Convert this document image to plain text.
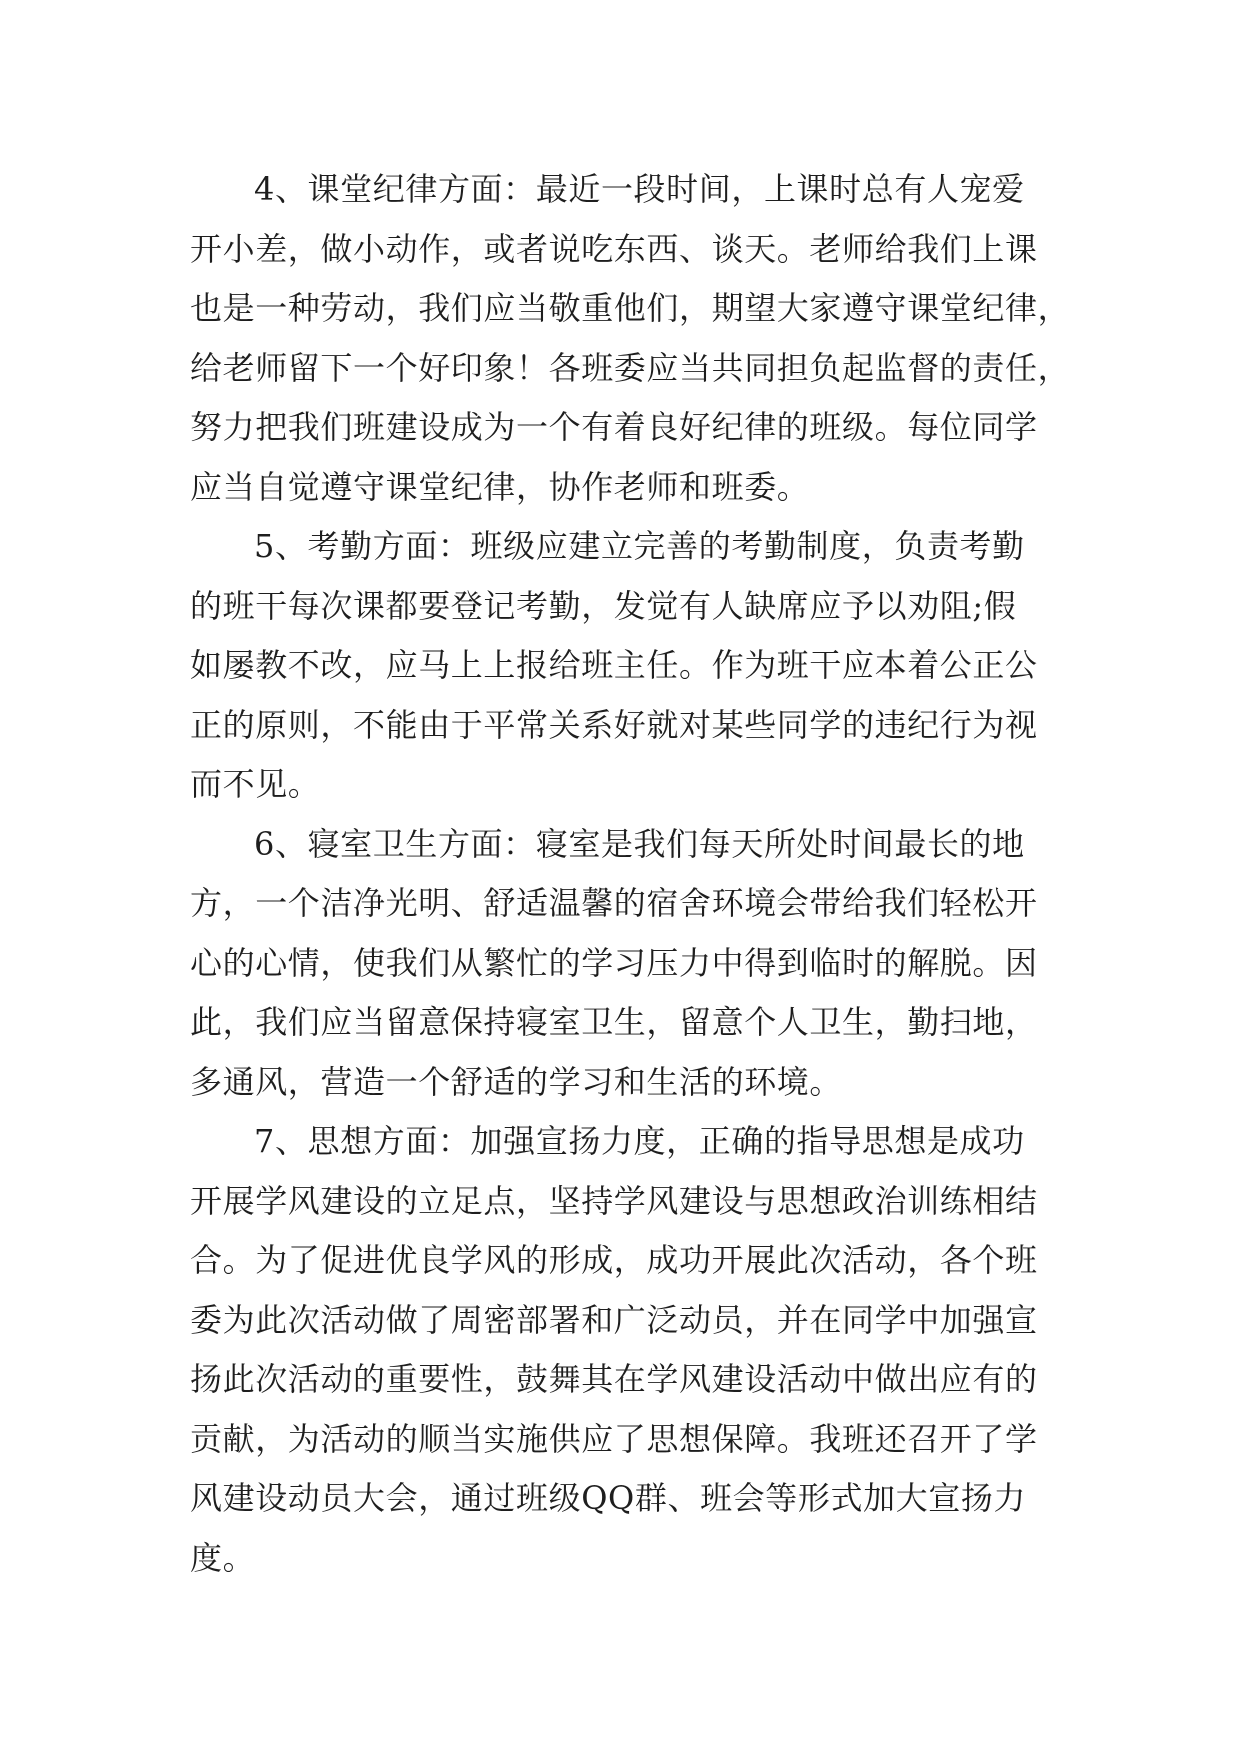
4、课堂纪律方面：最近一段时间，上课时总有人宠爱
开小差，做小动作，或者说吃东西、谈天。老师给我们上课
也是一种劳动，我们应当敬重他们，期望大家遵守课堂纪律，
给老师留下一个好印象！各班委应当共同担负起监督的责任，
努力把我们班建设成为一个有着良好纪律的班级。每位同学
应当自觉遵守课堂纪律，协作老师和班委。
5、考勤方面：班级应建立完善的考勤制度，负责考勤
的班干每次课都要登记考勤，发觉有人缺席应予以劝阻;假
如屡教不改，应马上上报给班主任。作为班干应本着公正公
正的原则，不能由于平常关系好就对某些同学的违纪行为视
而不见。
6、寝室卫生方面：寝室是我们每天所处时间最长的地
方，一个洁净光明、舒适温馨的宿舍环境会带给我们轻松开
心的心情，使我们从繁忙的学习压力中得到临时的解脱。因
此，我们应当留意保持寝室卫生，留意个人卫生，勤扫地，
多通风，营造一个舒适的学习和生活的环境。
7、思想方面：加强宣扬力度，正确的指导思想是成功
开展学风建设的立足点，坚持学风建设与思想政治训练相结
合。为了促进优良学风的形成，成功开展此次活动，各个班
委为此次活动做了周密部署和广泛动员，并在同学中加强宣
扬此次活动的重要性，鼓舞其在学风建设活动中做出应有的
贡献，为活动的顺当实施供应了思想保障。我班还召开了学
风建设动员大会，通过班级QQ群、班会等形式加大宣扬力
度。
